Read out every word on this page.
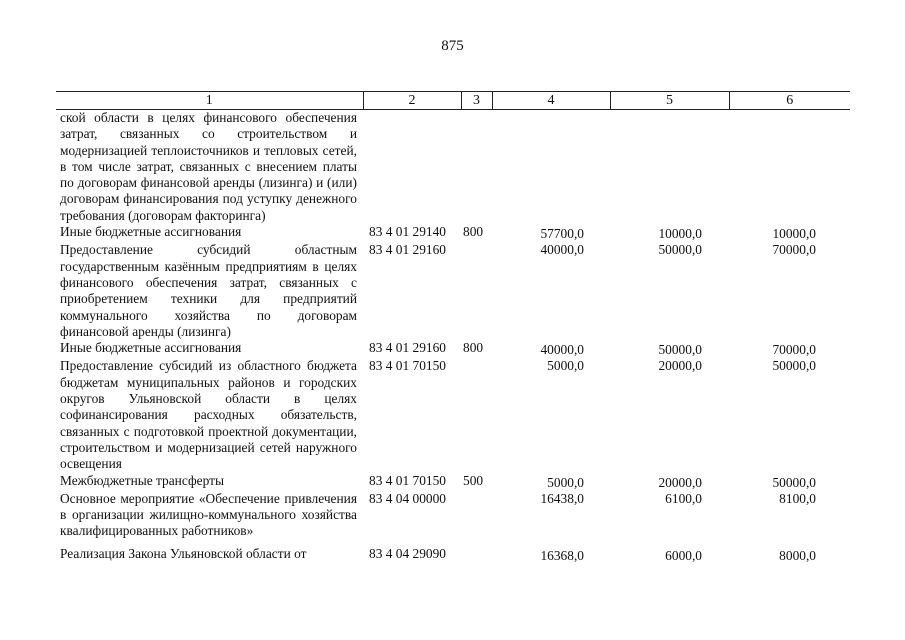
875
1	2	3	4	5	6
ской области в целях финансового обеспечения затрат, связанных со строительством и модернизацией теплоисточников и тепловых сетей, в том числе затрат, связанных с внесением платы по договорам финансовой аренды (лизинга) и (или) договорам финансирования под уступку денежного требования (договорам факторинга)					
Иные бюджетные ассигнования	83 4 01 29140	800	57700,0	10000,0	10000,0
Предоставление субсидий областным государственным казённым предприятиям в целях финансового обеспечения затрат, связанных с приобретением техники для предприятий коммунального хозяйства по договорам финансовой аренды (лизинга)	83 4 01 29160		40000,0	50000,0	70000,0
Иные бюджетные ассигнования	83 4 01 29160	800	40000,0	50000,0	70000,0
Предоставление субсидий из областного бюджета бюджетам муниципальных районов и городских округов Ульяновской области в целях софинансирования расходных обязательств, связанных с подготовкой проектной документации, строительством и модернизацией сетей наружного освещения	83 4 01 70150		5000,0	20000,0	50000,0
Межбюджетные трансферты	83 4 01 70150	500	5000,0	20000,0	50000,0
Основное мероприятие «Обеспечение привлечения в организации жилищно-коммунального хозяйства квалифицированных работников»	83 4 04 00000		16438,0	6100,0	8100,0
Реализация Закона Ульяновской области от	83 4 04 29090		16368,0	6000,0	8000,0
